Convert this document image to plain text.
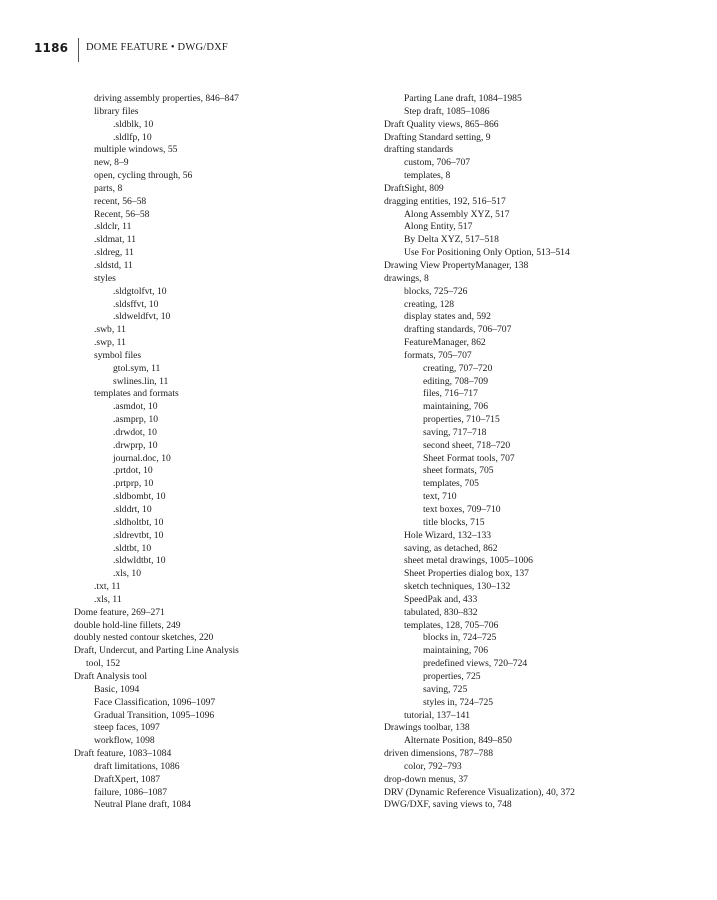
1186 DOME FEATURE • DWG/DXF
driving assembly properties, 846–847
library files
.sldblk, 10
.sldlfp, 10
multiple windows, 55
new, 8–9
open, cycling through, 56
parts, 8
recent, 56–58
Recent, 56–58
.sldclr, 11
.sldmat, 11
.sldreg, 11
.sldstd, 11
styles
.sldgtolfvt, 10
.sldsffvt, 10
.sldweldfvt, 10
.swb, 11
.swp, 11
symbol files
gtol.sym, 11
swlines.lin, 11
templates and formats
.asmdot, 10
.asmprp, 10
.drwdot, 10
.drwprp, 10
journal.doc, 10
.prtdot, 10
.prtprp, 10
.sldbombt, 10
.slddrt, 10
.sldholtbt, 10
.sldrevtbt, 10
.sldtbt, 10
.sldwldtbt, 10
.xls, 10
.txt, 11
.xls, 11
Dome feature, 269–271
double hold-line fillets, 249
doubly nested contour sketches, 220
Draft, Undercut, and Parting Line Analysis
tool, 152
Draft Analysis tool
Basic, 1094
Face Classification, 1096–1097
Gradual Transition, 1095–1096
steep faces, 1097
workflow, 1098
Draft feature, 1083–1084
draft limitations, 1086
DraftXpert, 1087
failure, 1086–1087
Neutral Plane draft, 1084
Parting Lane draft, 1084–1985
Step draft, 1085–1086
Draft Quality views, 865–866
Drafting Standard setting, 9
drafting standards
custom, 706–707
templates, 8
DraftSight, 809
dragging entities, 192, 516–517
Along Assembly XYZ, 517
Along Entity, 517
By Delta XYZ, 517–518
Use For Positioning Only Option, 513–514
Drawing View PropertyManager, 138
drawings, 8
blocks, 725–726
creating, 128
display states and, 592
drafting standards, 706–707
FeatureManager, 862
formats, 705–707
creating, 707–720
editing, 708–709
files, 716–717
maintaining, 706
properties, 710–715
saving, 717–718
second sheet, 718–720
Sheet Format tools, 707
sheet formats, 705
templates, 705
text, 710
text boxes, 709–710
title blocks, 715
Hole Wizard, 132–133
saving, as detached, 862
sheet metal drawings, 1005–1006
Sheet Properties dialog box, 137
sketch techniques, 130–132
SpeedPak and, 433
tabulated, 830–832
templates, 128, 705–706
blocks in, 724–725
maintaining, 706
predefined views, 720–724
properties, 725
saving, 725
styles in, 724–725
tutorial, 137–141
Drawings toolbar, 138
Alternate Position, 849–850
driven dimensions, 787–788
color, 792–793
drop-down menus, 37
DRV (Dynamic Reference Visualization), 40, 372
DWG/DXF, saving views to, 748
